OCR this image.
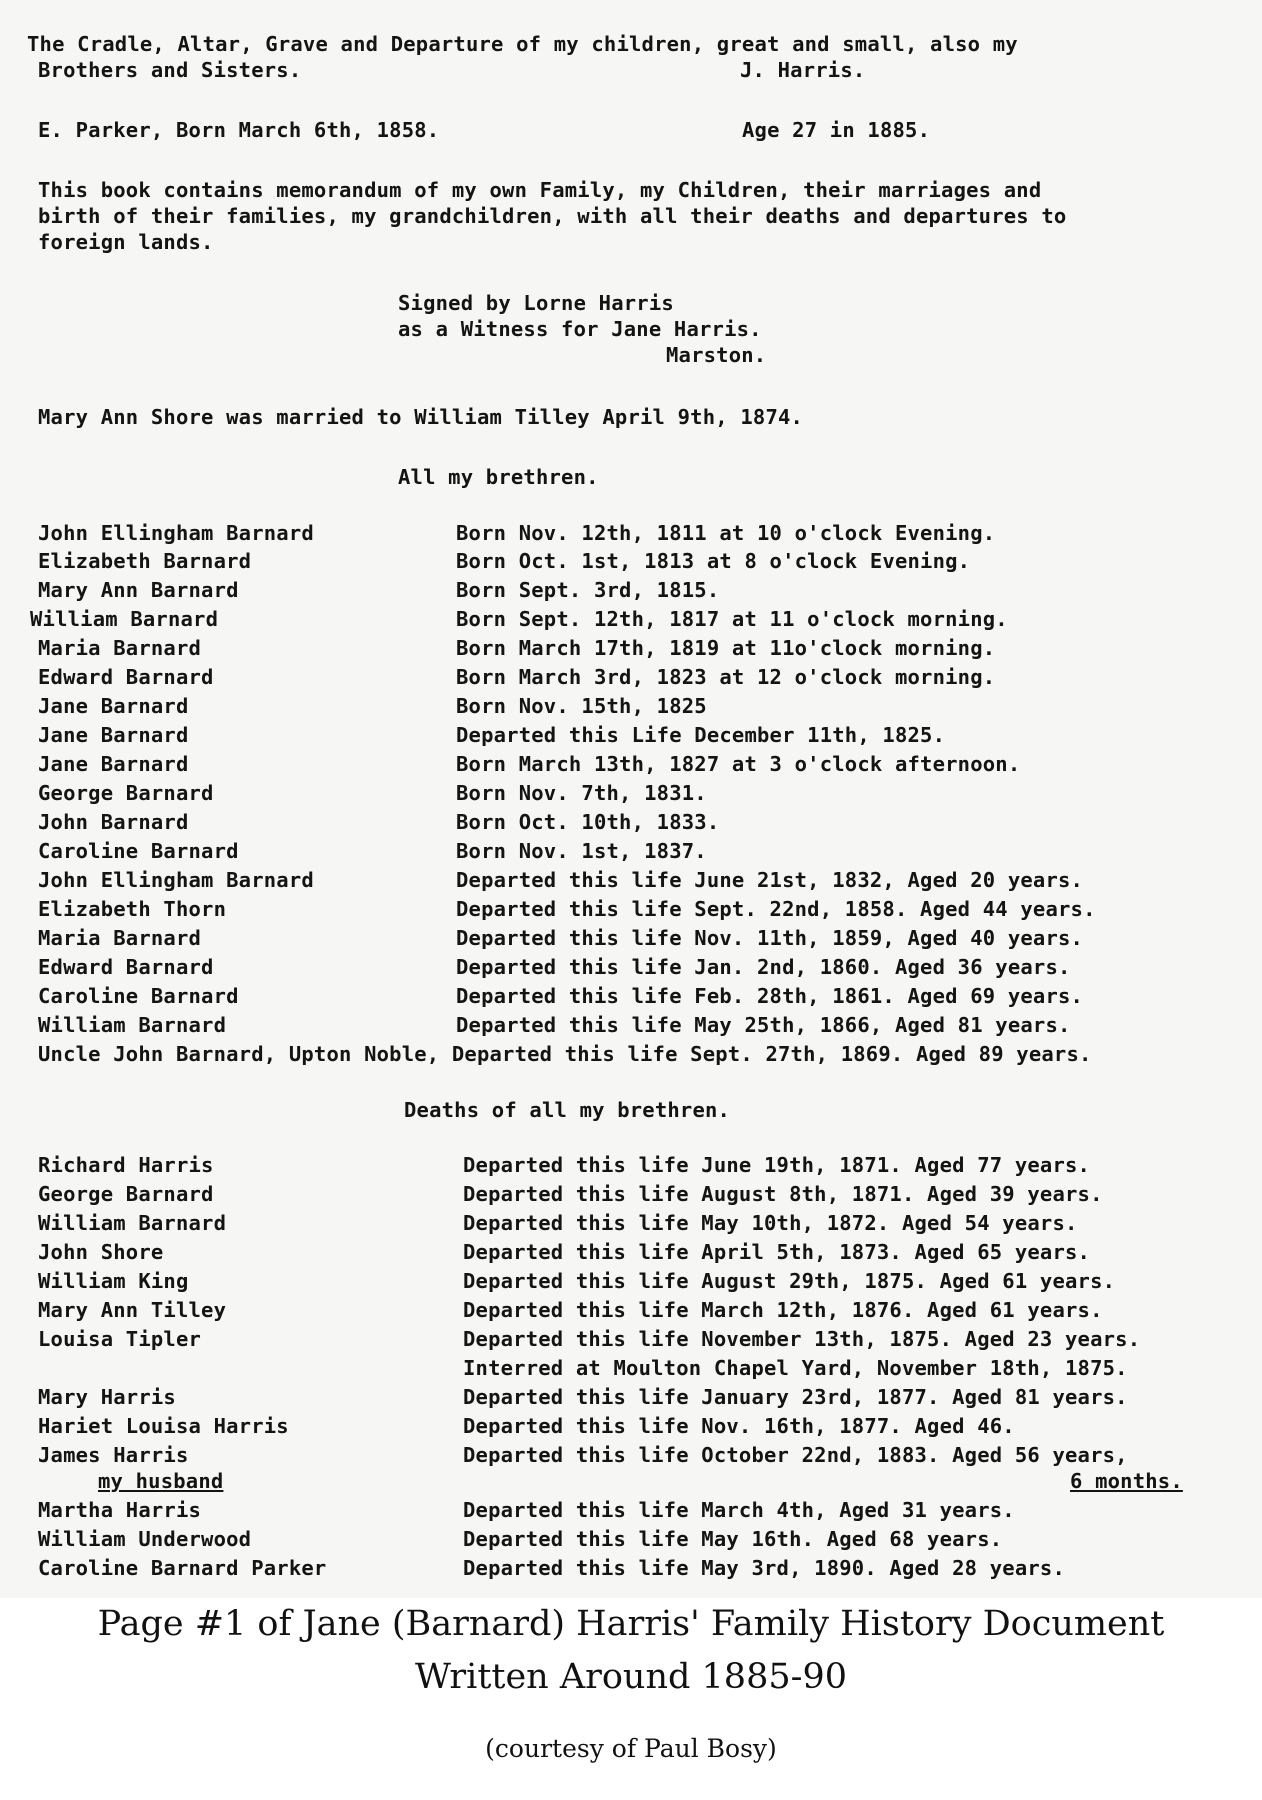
The Cradle, Altar, Grave and Departure of my children, great and small, also my
Brothers and Sisters.	J. Harris.
E. Parker, Born March 6th, 1858.	Age 27 in 1885.
This book contains memorandum of my own Family, my Children, their marriages and
birth of their families, my grandchildren, with all their deaths and departures to
foreign lands.
Signed by Lorne Harris
as a Witness for Jane Harris.
Marston.
Mary Ann Shore was married to William Tilley April 9th, 1874.
All my brethren.
John Ellingham Barnard	Born Nov. 12th, 1811 at 10 o'clock Evening.
Elizabeth Barnard	Born Oct. 1st, 1813 at 8 o'clock Evening.
Mary Ann Barnard	Born Sept. 3rd, 1815.
William Barnard	Born Sept. 12th, 1817 at 11 o'clock morning.
Maria Barnard	Born March 17th, 1819 at 11o'clock morning.
Edward Barnard	Born March 3rd, 1823 at 12 o'clock morning.
Jane Barnard	Born Nov. 15th, 1825
Jane Barnard	Departed this Life December 11th, 1825.
Jane Barnard	Born March 13th, 1827 at 3 o'clock afternoon.
George Barnard	Born Nov. 7th, 1831.
John Barnard	Born Oct. 10th, 1833.
Caroline Barnard	Born Nov. 1st, 1837.
John Ellingham Barnard	Departed this life June 21st, 1832, Aged 20 years.
Elizabeth Thorn	Departed this life Sept. 22nd, 1858. Aged 44 years.
Maria Barnard	Departed this life Nov. 11th, 1859, Aged 40 years.
Edward Barnard	Departed this life Jan. 2nd, 1860. Aged 36 years.
Caroline Barnard	Departed this life Feb. 28th, 1861. Aged 69 years.
William Barnard	Departed this life May 25th, 1866, Aged 81 years.
Uncle John Barnard, Upton Noble, Departed this life Sept. 27th, 1869. Aged 89 years.
Deaths of all my brethren.
Richard Harris	Departed this life June 19th, 1871. Aged 77 years.
George Barnard	Departed this life August 8th, 1871. Aged 39 years.
William Barnard	Departed this life May 10th, 1872. Aged 54 years.
John Shore	Departed this life April 5th, 1873. Aged 65 years.
William King	Departed this life August 29th, 1875. Aged 61 years.
Mary Ann Tilley	Departed this life March 12th, 1876. Aged 61 years.
Louisa Tipler	Departed this life November 13th, 1875. Aged 23 years.
Interred at Moulton Chapel Yard, November 18th, 1875.
Mary Harris	Departed this life January 23rd, 1877. Aged 81 years.
Hariet Louisa Harris	Departed this life Nov. 16th, 1877. Aged 46.
James Harris	Departed this life October 22nd, 1883. Aged 56 years,
my husband	6 months.
Martha Harris	Departed this life March 4th, Aged 31 years.
William Underwood	Departed this life May 16th. Aged 68 years.
Caroline Barnard Parker	Departed this life May 3rd, 1890. Aged 28 years.
Page #1 of Jane (Barnard) Harris' Family History Document
Written Around 1885-90
(courtesy of Paul Bosy)
